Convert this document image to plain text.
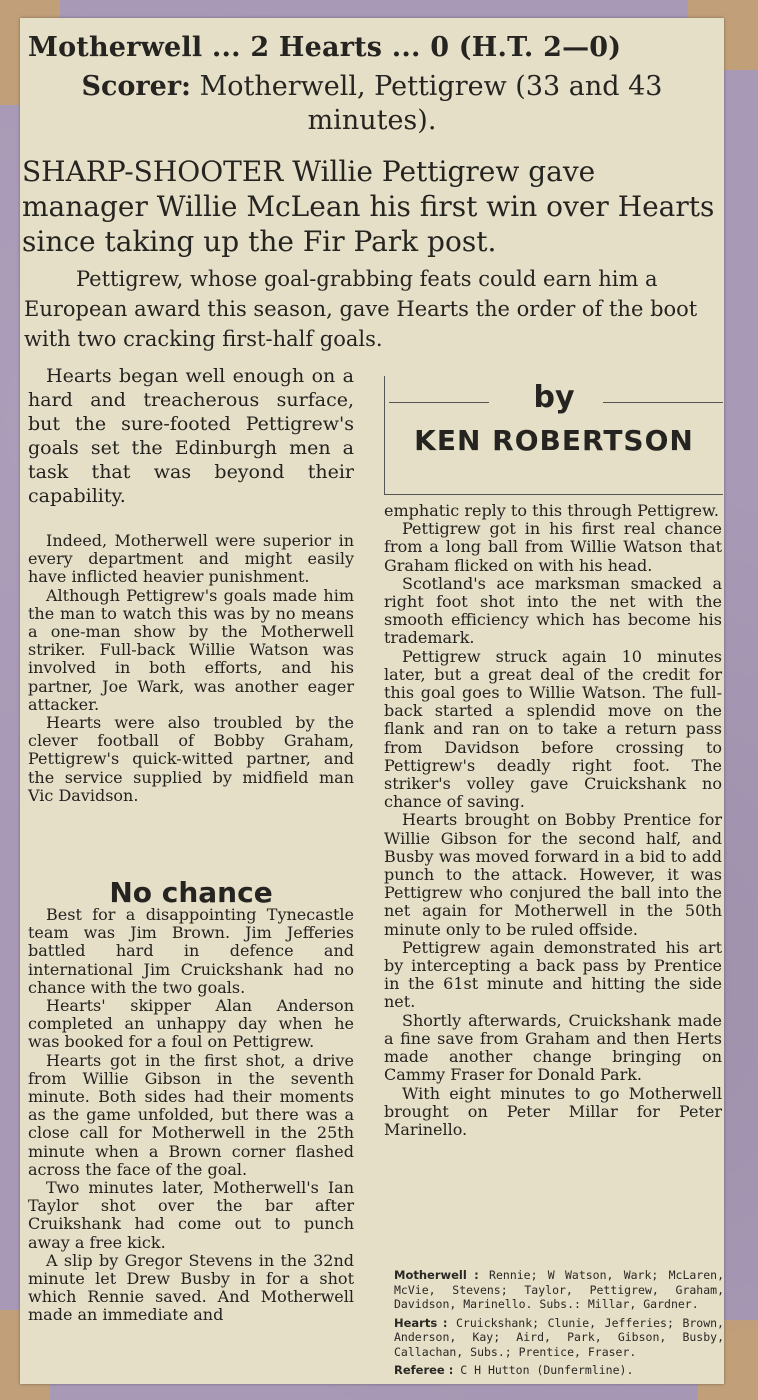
Motherwell ... 2 Hearts ... 0 (H.T. 2—0)
Scorer: Motherwell, Pettigrew (33 and 43 minutes).
SHARP-SHOOTER Willie Pettigrew gave manager Willie McLean his first win over Hearts since taking up the Fir Park post.
Pettigrew, whose goal-grabbing feats could earn him a European award this season, gave Hearts the order of the boot with two cracking first-half goals.
by
KEN ROBERTSON

Hearts began well enough on a hard and treacherous surface, but the sure-footed Pettigrew's goals set the Edinburgh men a task that was beyond their capability.

Indeed, Motherwell were superior in every department and might easily have inflicted heavier punishment.

Although Pettigrew's goals made him the man to watch this was by no means a one-man show by the Motherwell striker. Full-back Willie Watson was involved in both efforts, and his partner, Joe Wark, was another eager attacker.

Hearts were also troubled by the clever football of Bobby Graham, Pettigrew's quick-witted partner, and the service supplied by midfield man Vic Davidson.

No chance

Best for a disappointing Tynecastle team was Jim Brown. Jim Jefferies battled hard in defence and international Jim Cruickshank had no chance with the two goals.

Hearts' skipper Alan Anderson completed an unhappy day when he was booked for a foul on Pettigrew.

Hearts got in the first shot, a drive from Willie Gibson in the seventh minute. Both sides had their moments as the game unfolded, but there was a close call for Motherwell in the 25th minute when a Brown corner flashed across the face of the goal.

Two minutes later, Motherwell's Ian Taylor shot over the bar after Cruikshank had come out to punch away a free kick.

A slip by Gregor Stevens in the 32nd minute let Drew Busby in for a shot which Rennie saved. And Motherwell made an immediate and

emphatic reply to this through Pettigrew.

Pettigrew got in his first real chance from a long ball from Willie Watson that Graham flicked on with his head.

Scotland's ace marksman smacked a right foot shot into the net with the smooth efficiency which has become his trademark.

Pettigrew struck again 10 minutes later, but a great deal of the credit for this goal goes to Willie Watson. The full-back started a splendid move on the flank and ran on to take a return pass from Davidson before crossing to Pettigrew's deadly right foot. The striker's volley gave Cruickshank no chance of saving.

Hearts brought on Bobby Prentice for Willie Gibson for the second half, and Busby was moved forward in a bid to add punch to the attack. However, it was Pettigrew who conjured the ball into the net again for Motherwell in the 50th minute only to be ruled offside.

Pettigrew again demonstrated his art by intercepting a back pass by Prentice in the 61st minute and hitting the side net.

Shortly afterwards, Cruickshank made a fine save from Graham and then Herts made another change bringing on Cammy Fraser for Donald Park.

With eight minutes to go Motherwell brought on Peter Millar for Peter Marinello.

Motherwell : Rennie; W Watson, Wark; McLaren, McVie, Stevens; Taylor, Pettigrew, Graham, Davidson, Marinello. Subs.: Millar, Gardner.

Hearts : Cruickshank; Clunie, Jefferies; Brown, Anderson, Kay; Aird, Park, Gibson, Busby, Callachan, Subs.; Prentice, Fraser.

Referee : C H Hutton (Dunfermline).
